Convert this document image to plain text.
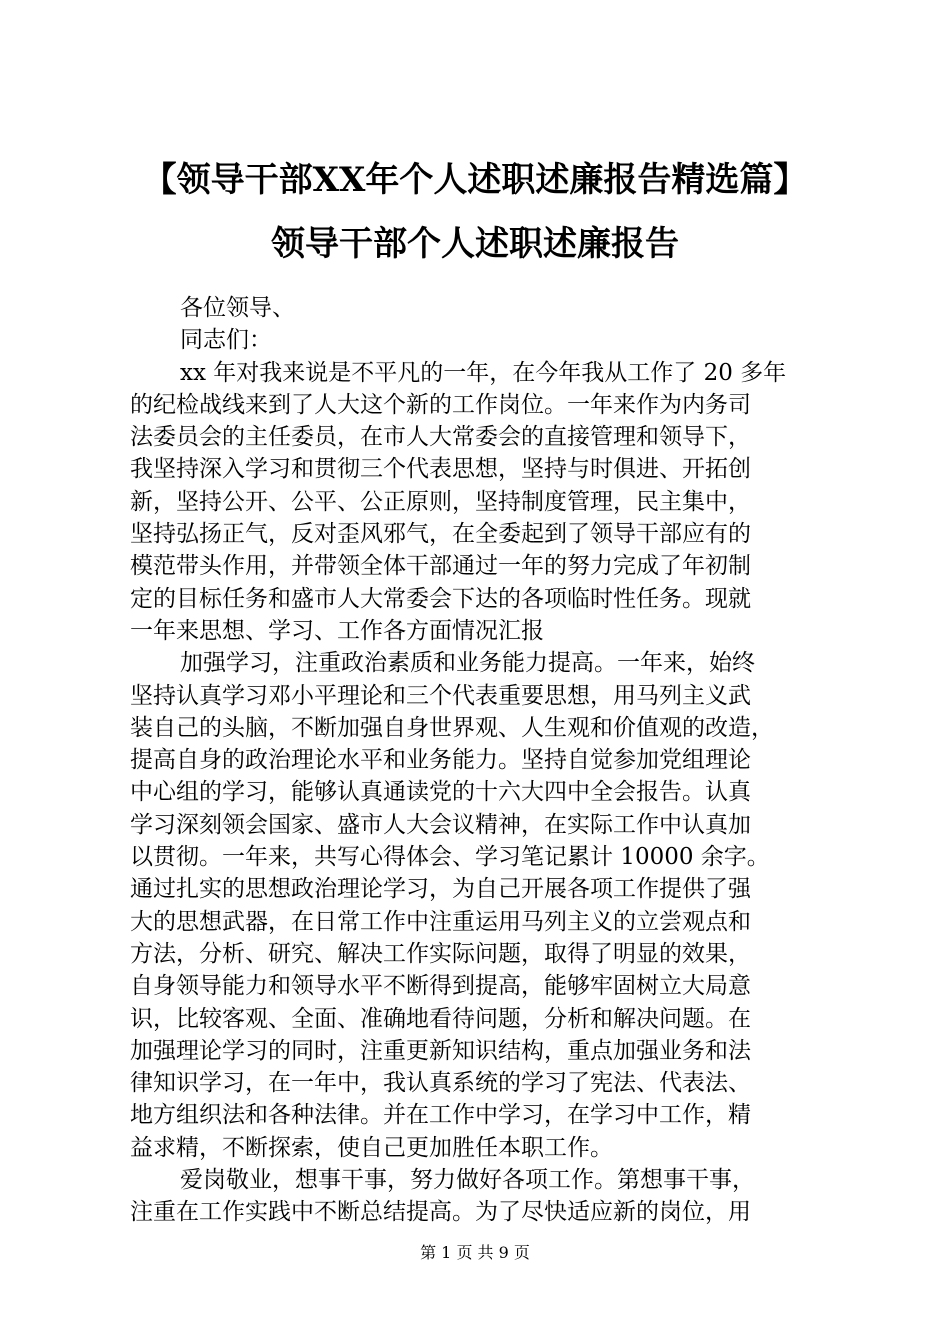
【领导干部XX年个人述职述廉报告精选篇】
领导干部个人述职述廉报告
各位领导、
同志们：
xx 年对我来说是不平凡的一年，在今年我从工作了 20 多年
的纪检战线来到了人大这个新的工作岗位。一年来作为内务司
法委员会的主任委员，在市人大常委会的直接管理和领导下，
我坚持深入学习和贯彻三个代表思想，坚持与时俱进、开拓创
新，坚持公开、公平、公正原则，坚持制度管理，民主集中，
坚持弘扬正气，反对歪风邪气，在全委起到了领导干部应有的
模范带头作用，并带领全体干部通过一年的努力完成了年初制
定的目标任务和盛市人大常委会下达的各项临时性任务。现就
一年来思想、学习、工作各方面情况汇报
加强学习，注重政治素质和业务能力提高。一年来，始终
坚持认真学习邓小平理论和三个代表重要思想，用马列主义武
装自己的头脑，不断加强自身世界观、人生观和价值观的改造，
提高自身的政治理论水平和业务能力。坚持自觉参加党组理论
中心组的学习，能够认真通读党的十六大四中全会报告。认真
学习深刻领会国家、盛市人大会议精神，在实际工作中认真加
以贯彻。一年来，共写心得体会、学习笔记累计 10000 余字。
通过扎实的思想政治理论学习，为自己开展各项工作提供了强
大的思想武器，在日常工作中注重运用马列主义的立尝观点和
方法，分析、研究、解决工作实际问题，取得了明显的效果，
自身领导能力和领导水平不断得到提高，能够牢固树立大局意
识，比较客观、全面、准确地看待问题，分析和解决问题。在
加强理论学习的同时，注重更新知识结构，重点加强业务和法
律知识学习，在一年中，我认真系统的学习了宪法、代表法、
地方组织法和各种法律。并在工作中学习，在学习中工作，精
益求精，不断探索，使自己更加胜任本职工作。
爱岗敬业，想事干事，努力做好各项工作。第想事干事，
注重在工作实践中不断总结提高。为了尽快适应新的岗位，用
第 1 页 共 9 页
